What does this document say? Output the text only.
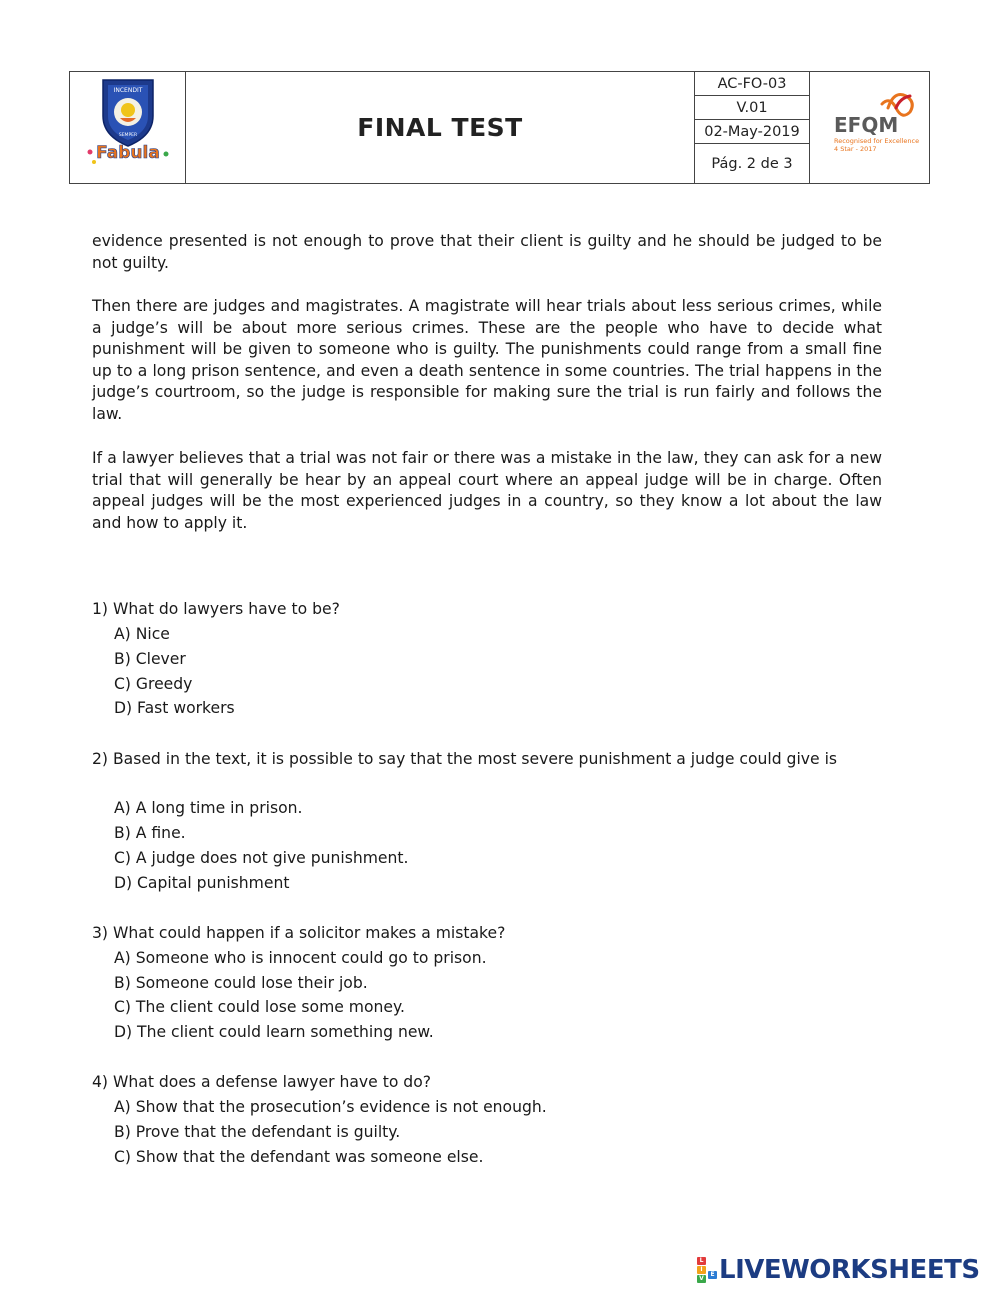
INCENDIT
SEMPER
Fabula
FINAL TEST
AC-FO-03
V.01
02-May-2019
Pág. 2 de 3
EFQM
Recognised for Excellence
4 Star - 2017

evidence presented is not enough to prove that their client is guilty and he should be judged to be not guilty.

Then there are judges and magistrates. A magistrate will hear trials about less serious crimes, while a judge’s will be about more serious crimes. These are the people who have to decide what punishment will be given to someone who is guilty. The punishments could range from a small fine up to a long prison sentence, and even a death sentence in some countries. The trial happens in the judge’s courtroom, so the judge is responsible for making sure the trial is run fairly and follows the law.

If a lawyer believes that a trial was not fair or there was a mistake in the law, they can ask for a new trial that will generally be hear by an appeal court where an appeal judge will be in charge. Often appeal judges will be the most experienced judges in a country, so they know a lot about the law and how to apply it.

1) What do lawyers have to be?
A) Nice
B) Clever
C) Greedy
D) Fast workers
2) Based in the text, it is possible to say that the most severe punishment a judge could give is
A) A long time in prison.
B) A fine.
C) A judge does not give punishment.
D) Capital punishment
3) What could happen if a solicitor makes a mistake?
A) Someone who is innocent could go to prison.
B) Someone could lose their job.
C) The client could lose some money.
D) The client could learn something new.
4) What does a defense lawyer have to do?
A) Show that the prosecution’s evidence is not enough.
B) Prove that the defendant is guilty.
C) Show that the defendant was someone else.
L
I
V
E LIVEWORKSHEETS
